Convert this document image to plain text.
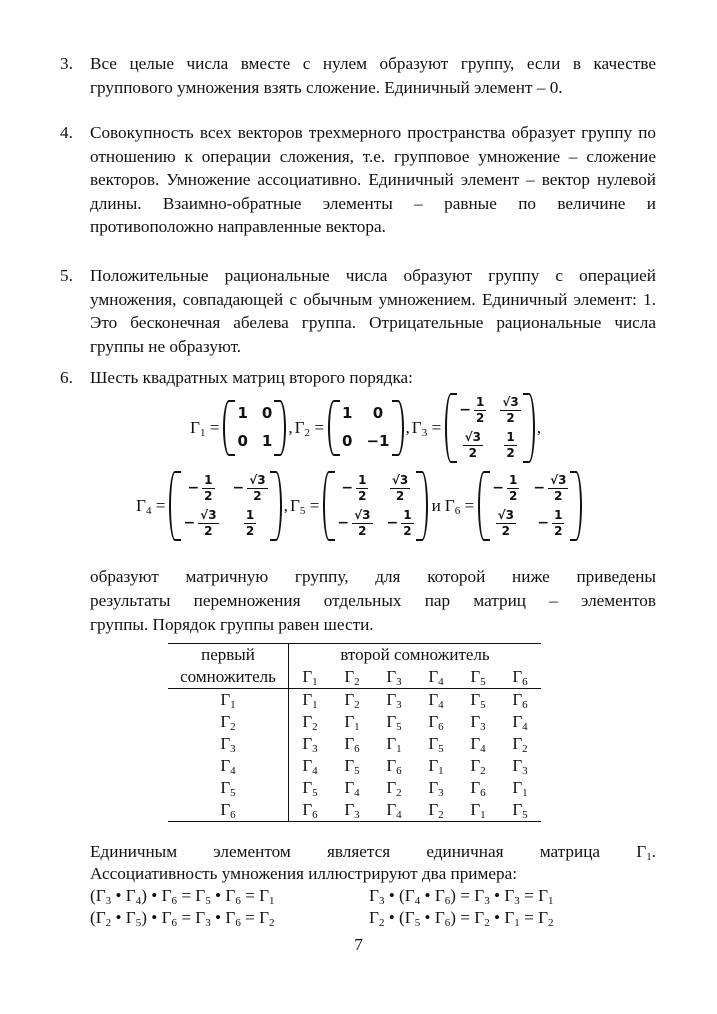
3. Все целые числа вместе с нулем образуют группу, если в качестве группового умножения взять сложение. Единичный элемент – 0.
4. Совокупность всех векторов трехмерного пространства образует группу по отношению к операции сложения, т.е. групповое умножение – сложение векторов. Умножение ассоциативно. Единичный элемент – вектор нулевой длины. Взаимно-обратные элементы – равные по величине и противоположно направленные вектора.
5. Положительные рациональные числа образуют группу с операцией умножения, совпадающей с обычным умножением. Единичный элемент: 1. Это бесконечная абелева группа. Отрицательные рациональные числа группы не образуют.
6. Шесть квадратных матриц второго порядка:
$Г_1$ =
1 0
0 1
, $Г_2$ =
1	0
0 −1
, $Г_3$ =
− $\frac{1}{2} \frac{√3}{2}$
$\frac{√3}{2} \frac{1}{2}$
,
$Г_4$ =
− $\frac{1}{2} - \frac{√3}{2}$
− $\frac{√3}{2} \frac{1}{2}$
, $Г_5$ =
− $\frac{1}{2} \frac{√3}{2}$
− $\frac{√3}{2} - \frac{1}{2}$
и $Г_6$ =
− $\frac{1}{2} - \frac{√3}{2}$
$\frac{√3}{2} - \frac{1}{2}$
образуют матричную группу, для которой ниже приведены
результаты перемножения отдельных пар матриц – элементов
группы. Порядок группы равен шести.
первый	второй сомножитель					
сомножитель	$Г_1$	$Г_2$	$Г_3$	$Г_4$	$Г_5$	$Г_6$
$Г_1$	$Г_1$	$Г_2$	$Г_3$	$Г_4$	$Г_5$	$Г_6$
$Г_2$	$Г_2$	$Г_1$	$Г_5$	$Г_6$	$Г_3$	$Г_4$
$Г_3$	$Г_3$	$Г_6$	$Г_1$	$Г_5$	$Г_4$	$Г_2$
$Г_4$	$Г_4$	$Г_5$	$Г_6$	$Г_1$	$Г_2$	$Г_3$
$Г_5$	$Г_5$	$Г_4$	$Г_2$	$Г_3$	$Г_6$	$Г_1$
$Г_6$	$Г_6$	$Г_3$	$Г_4$	$Г_2$	$Г_1$	$Г_5$
Единичным элементом является единичная матрица $Г_1$.
Ассоциативность умножения иллюстрируют два примера:
($Г_3$ • $Г_4$) • $Г_6 = Г_5$ • $Г_6 = Г_1$	$Г_3$ • ($Г_4$ • $Г_6) = Г_3$ • $Г_3 = Г_1$
($Г_2$ • $Г_5$) • $Г_6 = Г_3$ • $Г_6 = Г_2$	$Г_2$ • ($Г_5$ • $Г_6) = Г_2$ • $Г_1 = Г_2$
7
